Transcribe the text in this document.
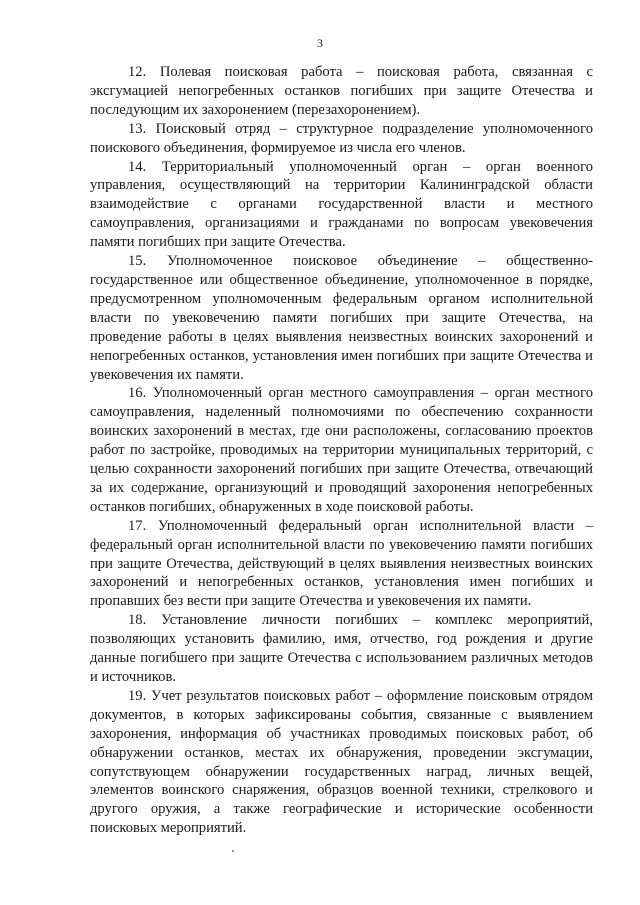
3

12. Полевая поисковая работа – поисковая работа, связанная с эксгумацией непогребенных останков погибших при защите Отечества и последующим их захоронением (перезахоронением).

13. Поисковый отряд – структурное подразделение уполномоченного поискового объединения, формируемое из числа его членов.

14. Территориальный уполномоченный орган – орган военного управления, осуществляющий на территории Калининградской области взаимодействие с органами государственной власти и местного самоуправления, организациями и гражданами по вопросам увековечения памяти погибших при защите Отечества.

15. Уполномоченное поисковое объединение – общественно-государственное или общественное объединение, уполномоченное в порядке, предусмотренном уполномоченным федеральным органом исполнительной власти по увековечению памяти погибших при защите Отечества, на проведение работы в целях выявления неизвестных воинских захоронений и непогребенных останков, установления имен погибших при защите Отечества и увековечения их памяти.

16. Уполномоченный орган местного самоуправления – орган местного самоуправления, наделенный полномочиями по обеспечению сохранности воинских захоронений в местах, где они расположены, согласованию проектов работ по застройке, проводимых на территории муниципальных территорий, с целью сохранности захоронений погибших при защите Отечества, отвечающий за их содержание, организующий и проводящий захоронения непогребенных останков погибших, обнаруженных в ходе поисковой работы.

17. Уполномоченный федеральный орган исполнительной власти – федеральный орган исполнительной власти по увековечению памяти погибших при защите Отечества, действующий в целях выявления неизвестных воинских захоронений и непогребенных останков, установления имен погибших и пропавших без вести при защите Отечества и увековечения их памяти.

18. Установление личности погибших – комплекс мероприятий, позволяющих установить фамилию, имя, отчество, год рождения и другие данные погибшего при защите Отечества с использованием различных методов и источников.

19. Учет результатов поисковых работ – оформление поисковым отрядом документов, в которых зафиксированы события, связанные с выявлением захоронения, информация об участниках проводимых поисковых работ, об обнаружении останков, местах их обнаружения, проведении эксгумации, сопутствующем обнаружении государственных наград, личных вещей, элементов воинского снаряжения, образцов военной техники, стрелкового и другого оружия, а также географические и исторические особенности поисковых мероприятий.
